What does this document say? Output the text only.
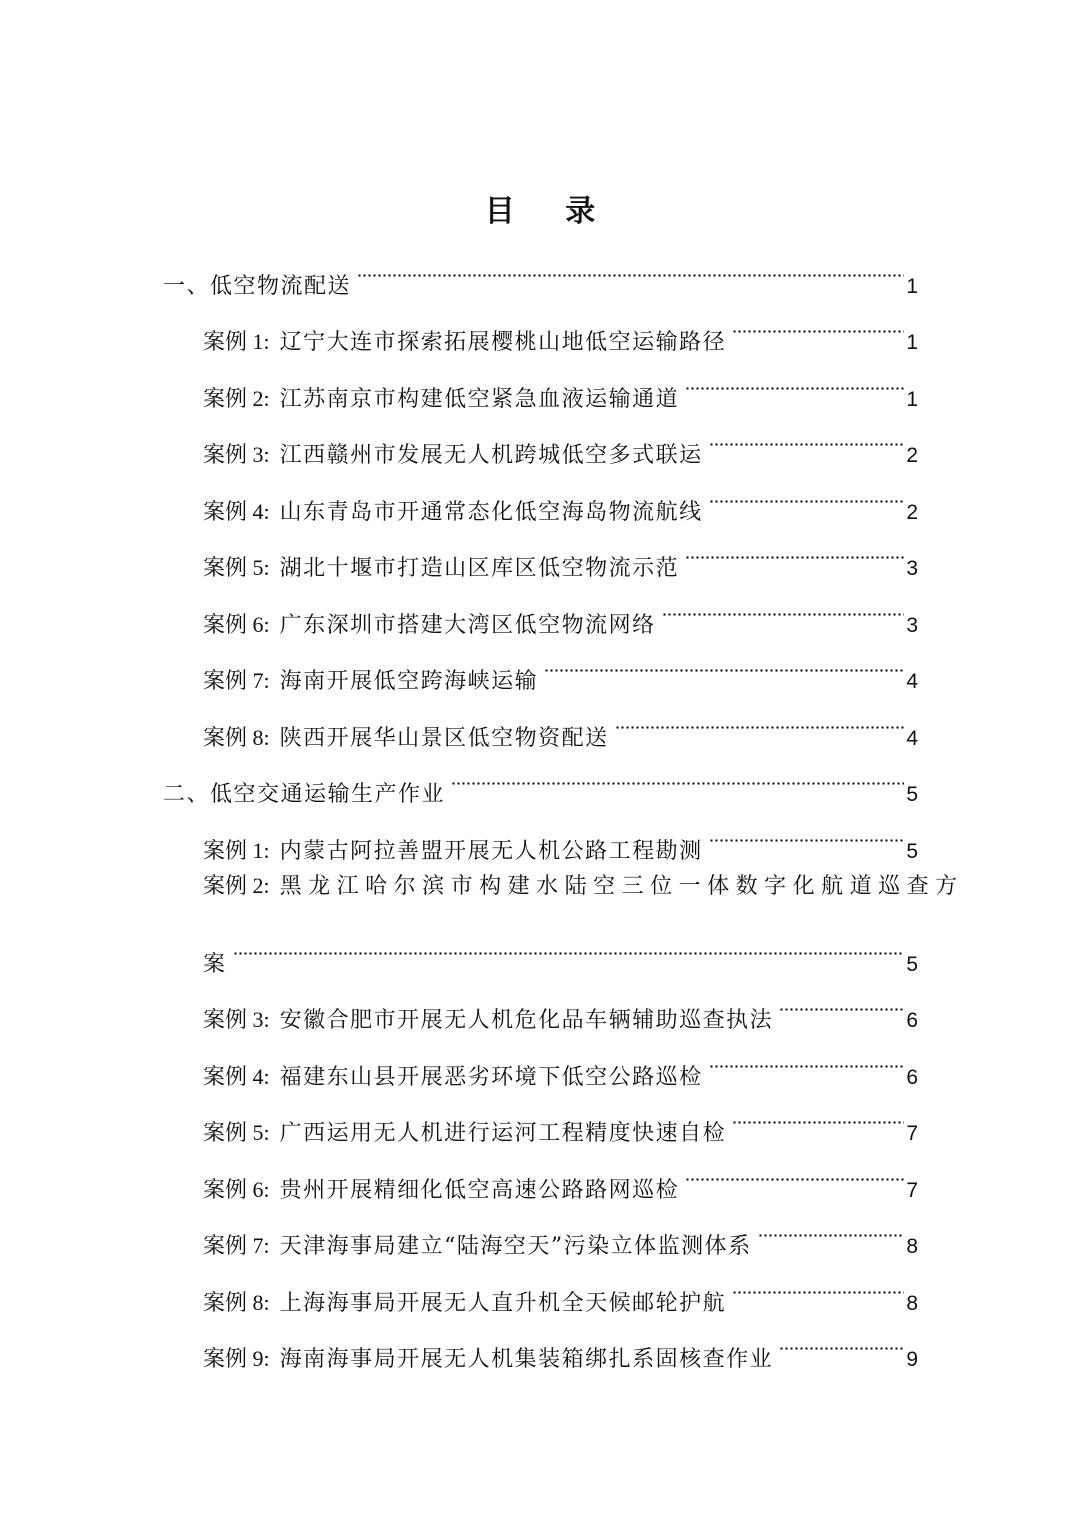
目 录
一、低空物流配送	1
案例 1: 辽宁大连市探索拓展樱桃山地低空运输路径	1
案例 2: 江苏南京市构建低空紧急血液运输通道	1
案例 3: 江西赣州市发展无人机跨城低空多式联运	2
案例 4: 山东青岛市开通常态化低空海岛物流航线	2
案例 5: 湖北十堰市打造山区库区低空物流示范	3
案例 6: 广东深圳市搭建大湾区低空物流网络	3
案例 7: 海南开展低空跨海峡运输	4
案例 8: 陕西开展华山景区低空物资配送	4
二、低空交通运输生产作业	5
案例 1: 内蒙古阿拉善盟开展无人机公路工程勘测	5
案例 2: 黑龙江哈尔滨市构建水陆空三位一体数字化航道巡查方
案	5
案例 3: 安徽合肥市开展无人机危化品车辆辅助巡查执法	6
案例 4: 福建东山县开展恶劣环境下低空公路巡检	6
案例 5: 广西运用无人机进行运河工程精度快速自检	7
案例 6: 贵州开展精细化低空高速公路路网巡检	7
案例 7: 天津海事局建立“陆海空天”污染立体监测体系	8
案例 8: 上海海事局开展无人直升机全天候邮轮护航	8
案例 9: 海南海事局开展无人机集装箱绑扎系固核查作业	9
